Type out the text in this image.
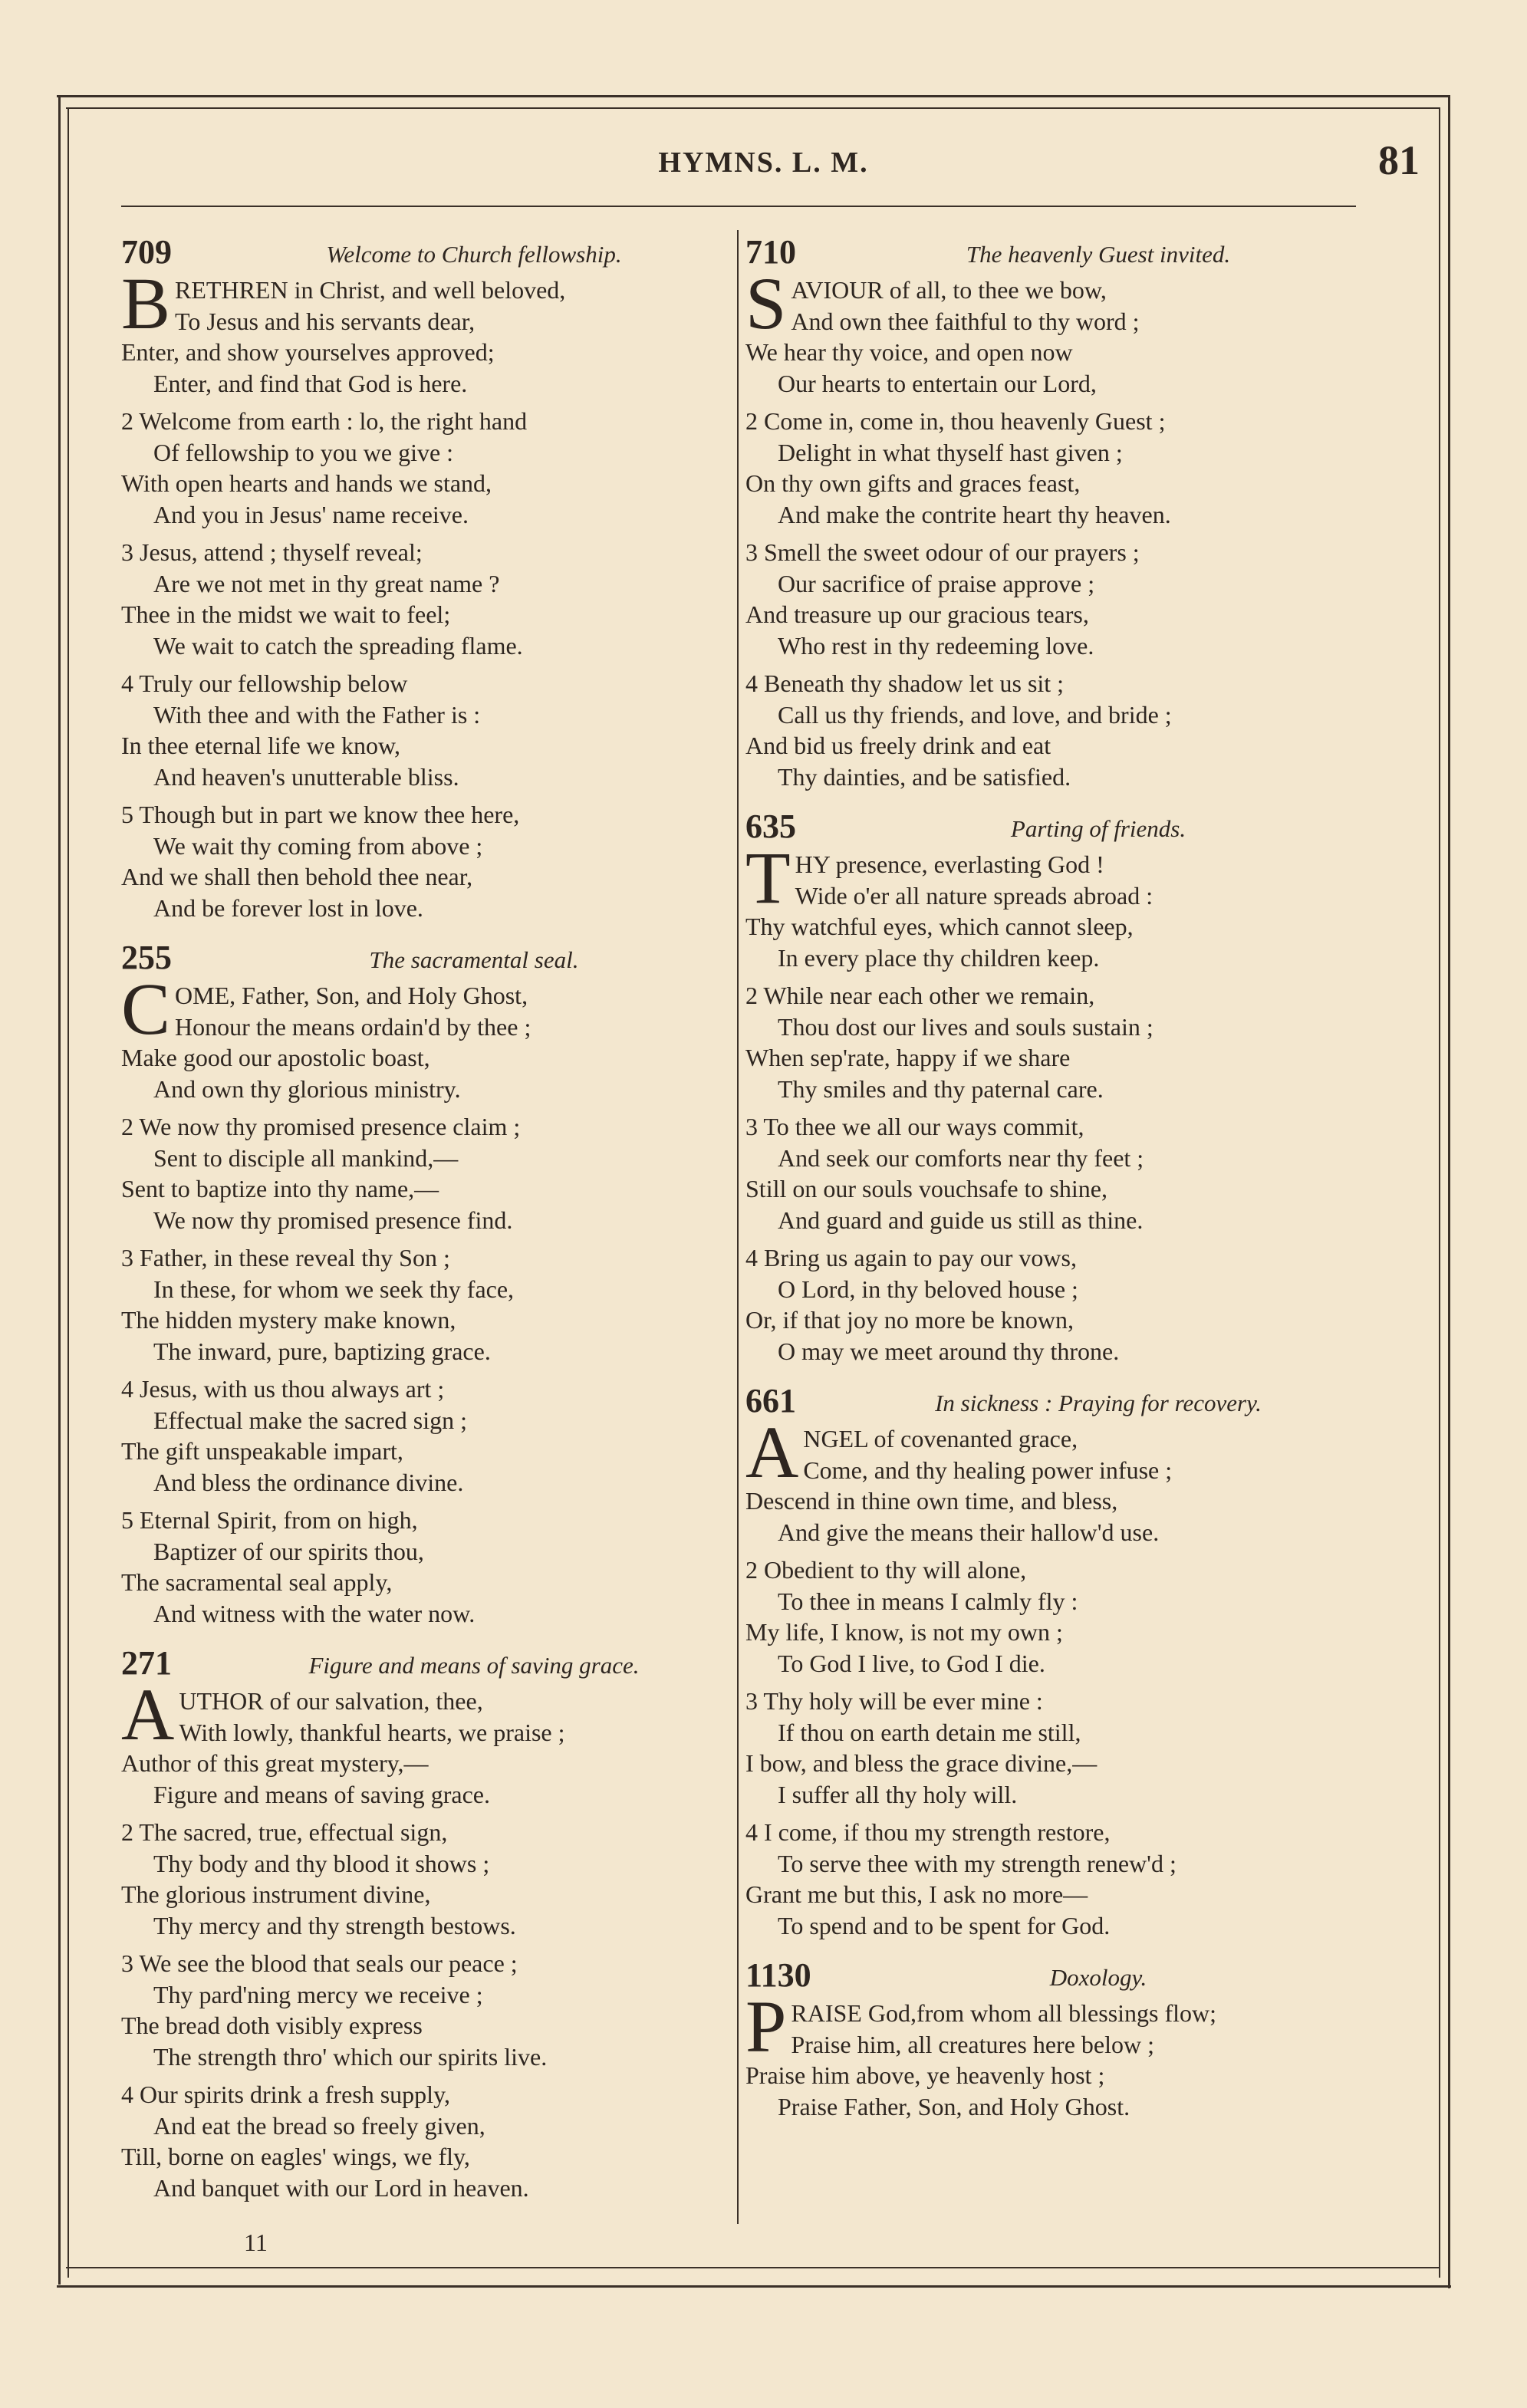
HYMNS. L. M.	81
709	Welcome to Church fellowship.
BRETHREN in Christ, and well beloved,
To Jesus and his servants dear,
Enter, and show yourselves approved;
Enter, and find that God is here.
2 Welcome from earth : lo, the right hand
Of fellowship to you we give :
With open hearts and hands we stand,
And you in Jesus' name receive.
3 Jesus, attend ; thyself reveal;
Are we not met in thy great name ?
Thee in the midst we wait to feel;
We wait to catch the spreading flame.
4 Truly our fellowship below
With thee and with the Father is :
In thee eternal life we know,
And heaven's unutterable bliss.
5 Though but in part we know thee here,
We wait thy coming from above ;
And we shall then behold thee near,
And be forever lost in love.
255	The sacramental seal.
COME, Father, Son, and Holy Ghost,
Honour the means ordain'd by thee ;
Make good our apostolic boast,
And own thy glorious ministry.
2 We now thy promised presence claim ;
Sent to disciple all mankind,—
Sent to baptize into thy name,—
We now thy promised presence find.
3 Father, in these reveal thy Son ;
In these, for whom we seek thy face,
The hidden mystery make known,
The inward, pure, baptizing grace.
4 Jesus, with us thou always art ;
Effectual make the sacred sign ;
The gift unspeakable impart,
And bless the ordinance divine.
5 Eternal Spirit, from on high,
Baptizer of our spirits thou,
The sacramental seal apply,
And witness with the water now.
271	Figure and means of saving grace.
AUTHOR of our salvation, thee,
With lowly, thankful hearts, we praise ;
Author of this great mystery,—
Figure and means of saving grace.
2 The sacred, true, effectual sign,
Thy body and thy blood it shows ;
The glorious instrument divine,
Thy mercy and thy strength bestows.
3 We see the blood that seals our peace ;
Thy pard'ning mercy we receive ;
The bread doth visibly express
The strength thro' which our spirits live.
4 Our spirits drink a fresh supply,
And eat the bread so freely given,
Till, borne on eagles' wings, we fly,
And banquet with our Lord in heaven.
710	The heavenly Guest invited.
SAVIOUR of all, to thee we bow,
And own thee faithful to thy word ;
We hear thy voice, and open now
Our hearts to entertain our Lord,
2 Come in, come in, thou heavenly Guest ;
Delight in what thyself hast given ;
On thy own gifts and graces feast,
And make the contrite heart thy heaven.
3 Smell the sweet odour of our prayers ;
Our sacrifice of praise approve ;
And treasure up our gracious tears,
Who rest in thy redeeming love.
4 Beneath thy shadow let us sit ;
Call us thy friends, and love, and bride ;
And bid us freely drink and eat
Thy dainties, and be satisfied.
635	Parting of friends.
THY presence, everlasting God !
Wide o'er all nature spreads abroad :
Thy watchful eyes, which cannot sleep,
In every place thy children keep.
2 While near each other we remain,
Thou dost our lives and souls sustain ;
When sep'rate, happy if we share
Thy smiles and thy paternal care.
3 To thee we all our ways commit,
And seek our comforts near thy feet ;
Still on our souls vouchsafe to shine,
And guard and guide us still as thine.
4 Bring us again to pay our vows,
O Lord, in thy beloved house ;
Or, if that joy no more be known,
O may we meet around thy throne.
661	In sickness : Praying for recovery.
ANGEL of covenanted grace,
Come, and thy healing power infuse ;
Descend in thine own time, and bless,
And give the means their hallow'd use.
2 Obedient to thy will alone,
To thee in means I calmly fly :
My life, I know, is not my own ;
To God I live, to God I die.
3 Thy holy will be ever mine :
If thou on earth detain me still,
I bow, and bless the grace divine,—
I suffer all thy holy will.
4 I come, if thou my strength restore,
To serve thee with my strength renew'd ;
Grant me but this, I ask no more—
To spend and to be spent for God.
1130	Doxology.
PRAISE God,from whom all blessings flow;
Praise him, all creatures here below ;
Praise him above, ye heavenly host ;
Praise Father, Son, and Holy Ghost.
11
